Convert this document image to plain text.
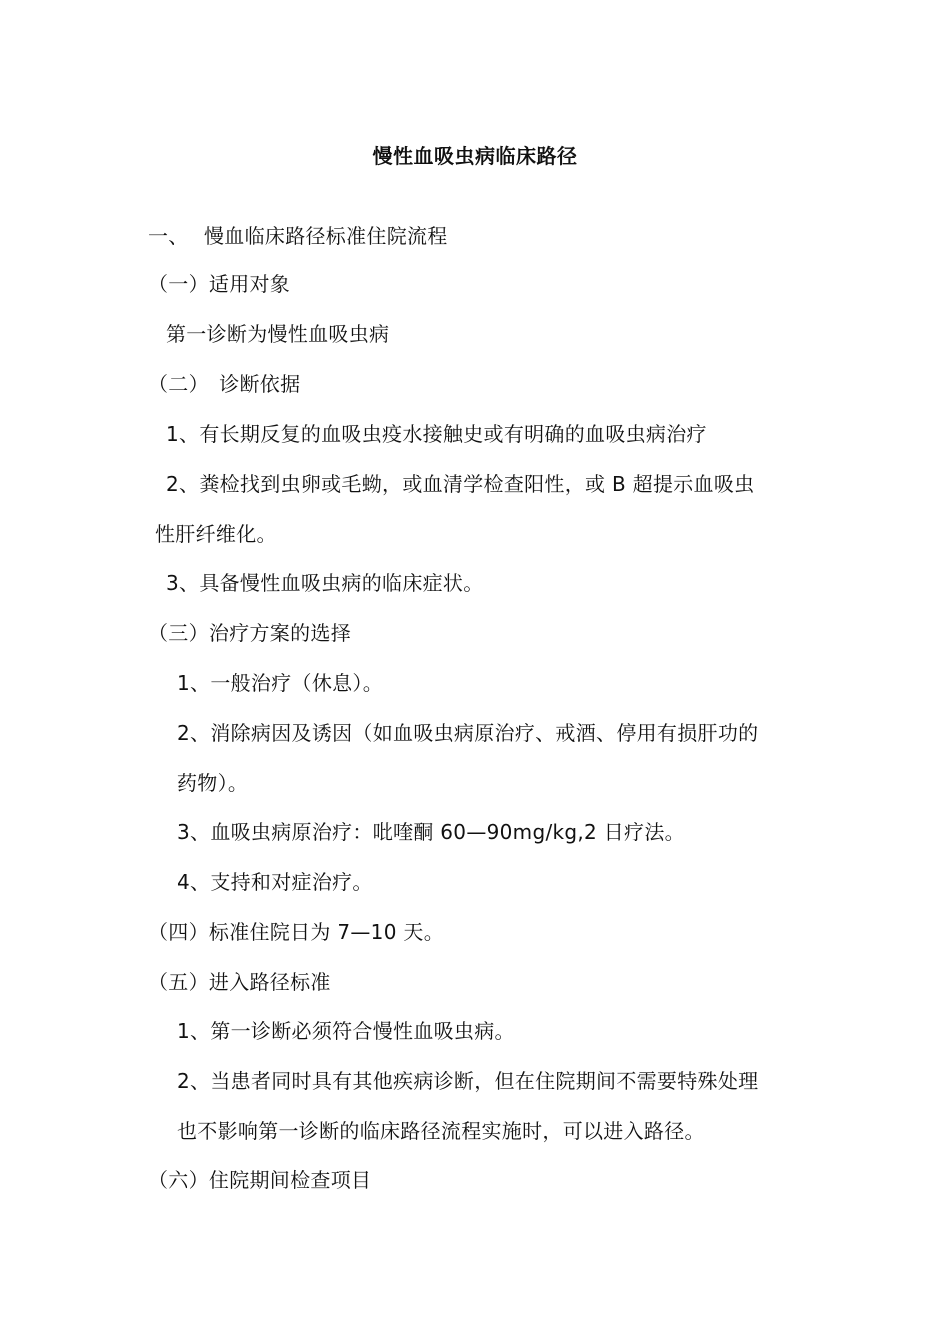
慢性血吸虫病临床路径
一、 慢血临床路径标准住院流程
（一）适用对象
第一诊断为慢性血吸虫病
（二）　诊断依据
1、有长期反复的血吸虫疫水接触史或有明确的血吸虫病治疗
2、粪检找到虫卵或毛蚴，或血清学检查阳性，或 B 超提示血吸虫
性肝纤维化。
3、具备慢性血吸虫病的临床症状。
（三）治疗方案的选择
1、一般治疗（休息）。
2、消除病因及诱因（如血吸虫病原治疗、戒酒、停用有损肝功的
药物）。
3、血吸虫病原治疗：吡喹酮 60—90mg/kg,2 日疗法。
4、支持和对症治疗。
（四）标准住院日为 7—10 天。
（五）进入路径标准
1、第一诊断必须符合慢性血吸虫病。
2、当患者同时具有其他疾病诊断，但在住院期间不需要特殊处理
也不影响第一诊断的临床路径流程实施时，可以进入路径。
（六）住院期间检查项目
